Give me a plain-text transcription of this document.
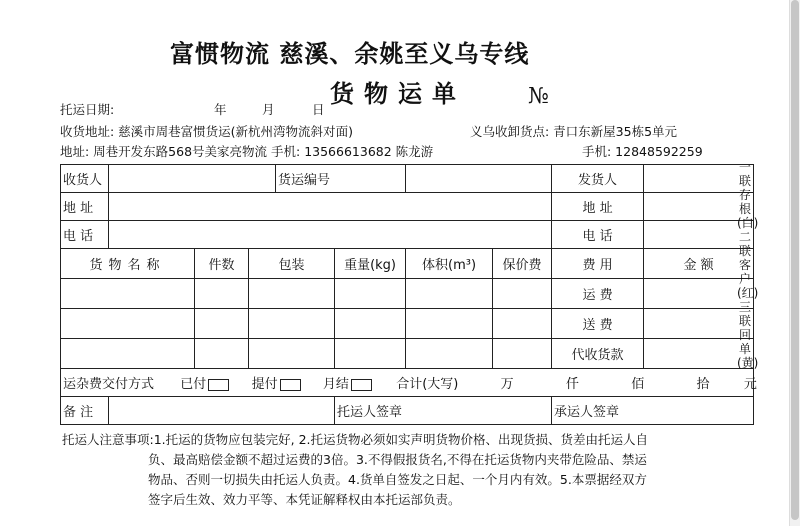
富惯物流 慈溪、余姚至义乌专线
货物运单	№
托运日期:	年	月	日
收货地址: 慈溪市周巷富惯货运(新杭州湾物流斜对面)	义乌收卸货点: 青口东新屋35栋5单元
地址: 周巷开发东路568号美家亮物流 手机: 13566613682 陈龙游	手机: 12848592259
收货人				货运编号				发货人	
地 址								地 址	
电 话								电 话	
货物名称		件数	包装		重量(kg)	体积(m³)	保价费	费 用	金 额
								运 费	
								送 费	
								代收货款	
运杂费交付方式 已付 提付 月结 合计(大写) 万 仟 佰 拾 元									
备 注					托运人签章			承运人签章	
一联存根(白)二联客户(红)三联回单(黄)
托运人注意事项:1.托运的货物应包装完好, 2.托运货物必须如实声明货物价格、出现货损、货差由托运人自
负、最高赔偿金额不超过运费的3倍。3.不得假报货名,不得在托运货物内夹带危险品、禁运
物品、否则一切损失由托运人负责。4.货单自签发之日起、一个月内有效。5.本票据经双方
签字后生效、效力平等、本凭证解释权由本托运部负责。
